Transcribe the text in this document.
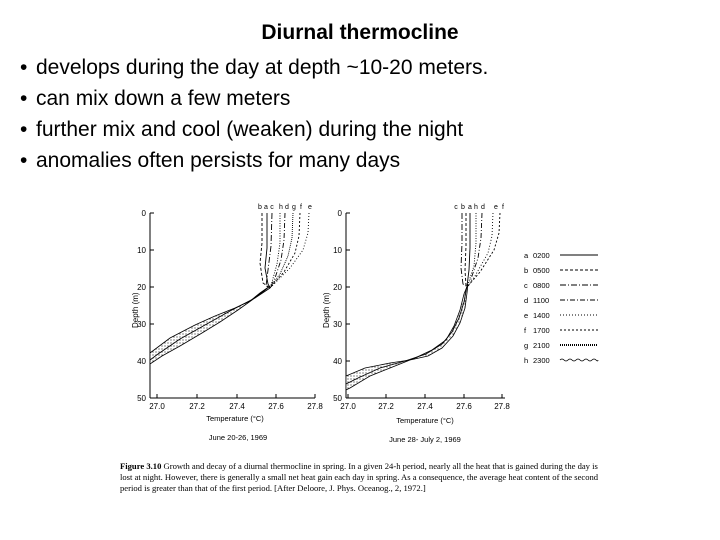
Diurnal thermocline
• develops during the day at depth ~10-20 meters.
• can mix down a few meters
• further mix and cool (weaken) during the night
• anomalies often persists for many days
0
10
20
30
40
50
Depth (m)
27.0	27.2	27.4	27.6	27.8
Temperature (°C)
June 20-26, 1969
b a c h d g f e
0
10
20
30
40
50
Depth (m)
27.0	27.2	27.4	27.6	27.8
Temperature (°C)
June 28- July 2, 1969
c b a h d e f
a 0200
b 0500
c 0800
d 1100
e 1400
f 1700
g 2100
h 2300
Figure 3.10 Growth and decay of a diurnal thermocline in spring. In a given 24-h period, nearly all the heat that is gained during the day is lost at night. However, there is generally a small net heat gain each day in spring. As a consequence, the average heat content of the second period is greater than that of the first period. [After Deloore, J. Phys. Oceanog., 2, 1972.]
